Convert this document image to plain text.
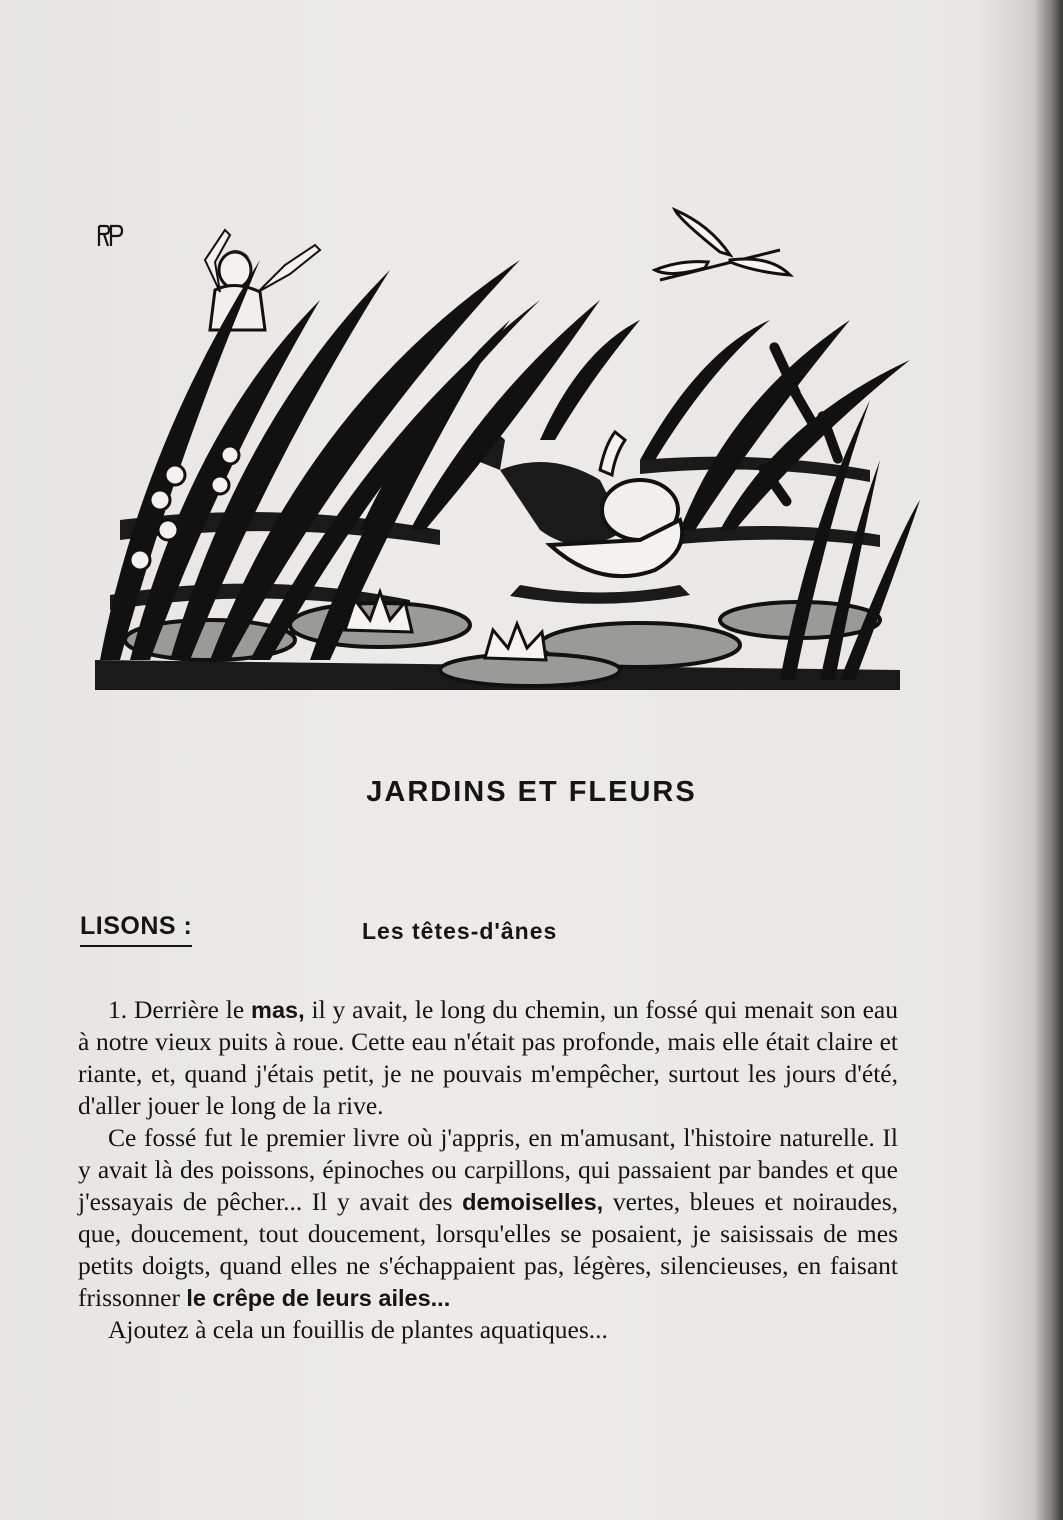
JARDINS ET FLEURS
LISONS :	Les têtes-d'ânes

1. Derrière le mas, il y avait, le long du chemin, un fossé qui menait son eau à notre vieux puits à roue. Cette eau n'était pas profonde, mais elle était claire et riante, et, quand j'étais petit, je ne pouvais m'empêcher, surtout les jours d'été, d'aller jouer le long de la rive.

Ce fossé fut le premier livre où j'appris, en m'amusant, l'histoire naturelle. Il y avait là des poissons, épinoches ou carpillons, qui passaient par bandes et que j'essayais de pêcher... Il y avait des demoiselles, vertes, bleues et noiraudes, que, doucement, tout doucement, lorsqu'elles se posaient, je saisissais de mes petits doigts, quand elles ne s'échappaient pas, légères, silencieuses, en faisant frissonner le crêpe de leurs ailes...

Ajoutez à cela un fouillis de plantes aquatiques...
